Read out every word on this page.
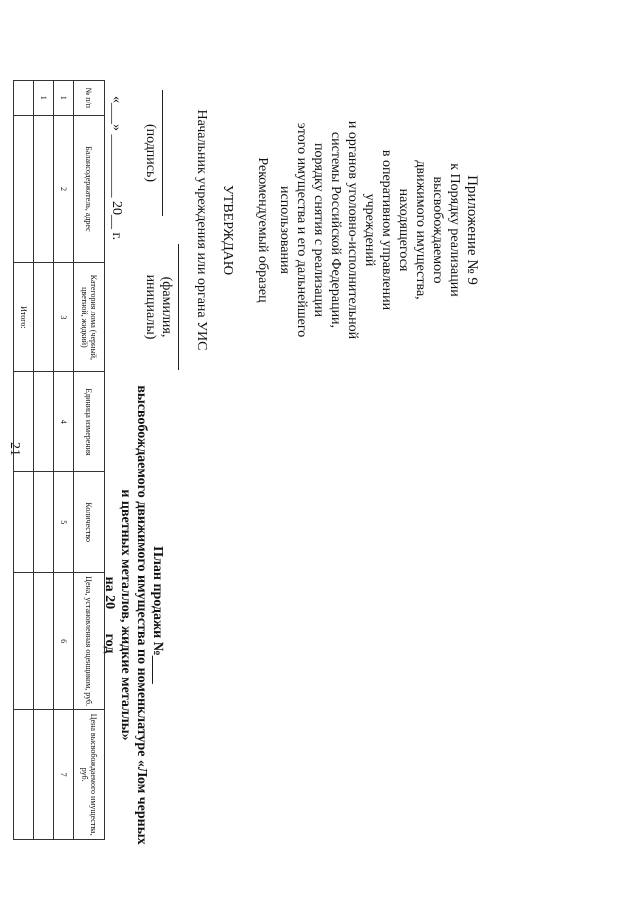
21
Приложение № 9
к Порядку реализации высвобождаемого
движимого имущества, находящегося
в оперативном управлении учреждений
и органов уголовно-исполнительной
системы Российской Федерации,
порядку снятия с реализации
этого имущества и его дальнейшего
использования
Рекомендуемый образец
УТВЕРЖДАЮ
Начальник учреждения или органа УИС
(подпись)
(фамилия, инициалы)
«___» _________ 20__ г.
План продажи №____
высвобождаемого движимого имущества по номенклатуре «Лом черных и цветных металлов, жидкие металлы»
на 20___ год
№ п/п	Балансодержатель, адрес	Категория лома (черный, цветной, жидкий)	Единица измерения	Количество	Цена, установленная оценщиком, руб.	Цена высвобождаемого имущества, руб.
1	2	3	4	5	6	7
1						
		Итого:				
